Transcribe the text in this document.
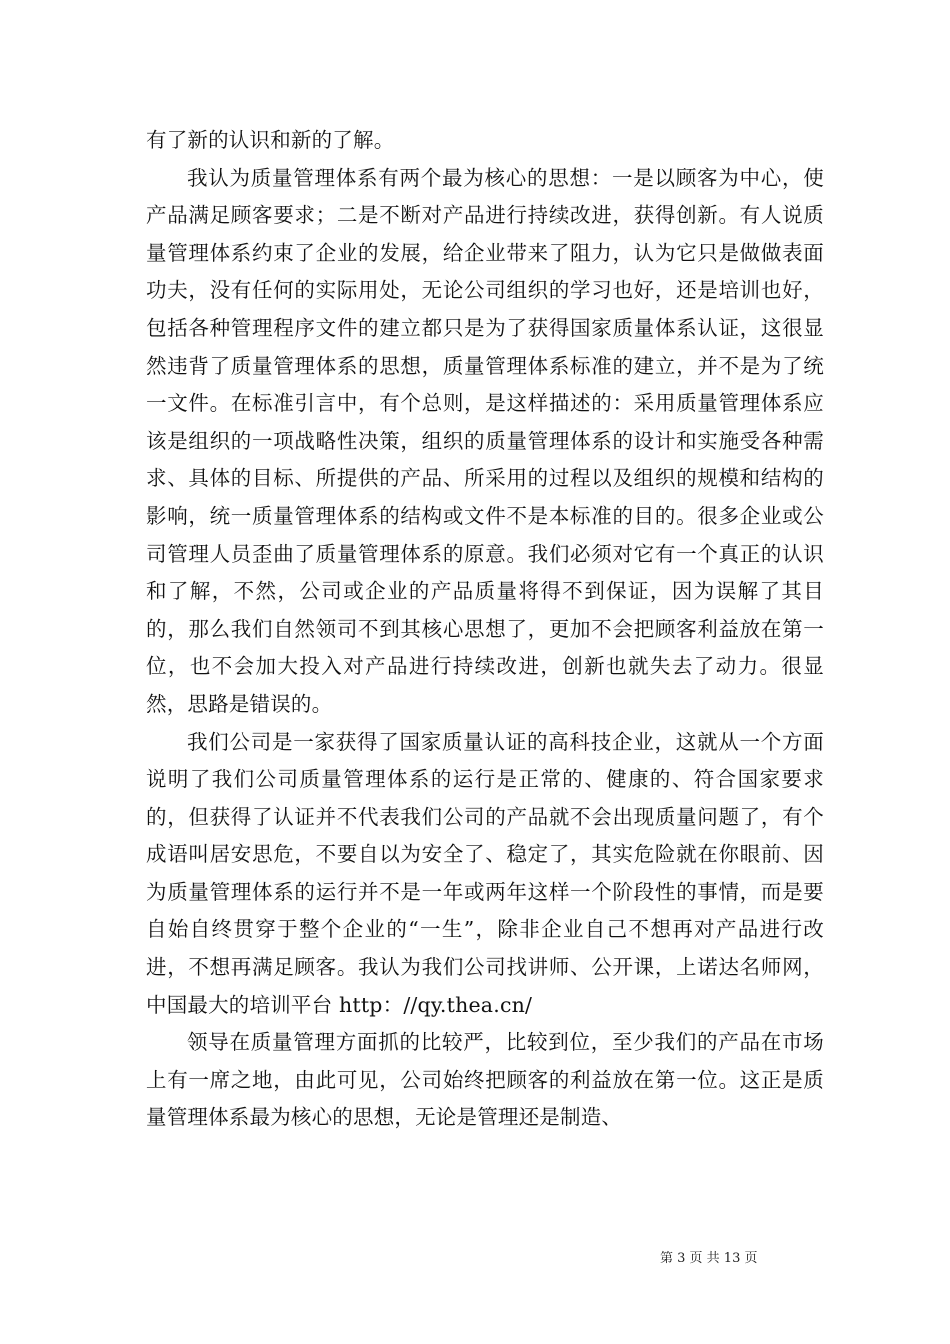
有了新的认识和新的了解。

我认为质量管理体系有两个最为核心的思想：一是以顾客为中心，使产品满足顾客要求；二是不断对产品进行持续改进，获得创新。有人说质量管理体系约束了企业的发展，给企业带来了阻力，认为它只是做做表面功夫，没有任何的实际用处，无论公司组织的学习也好，还是培训也好，包括各种管理程序文件的建立都只是为了获得国家质量体系认证，这很显然违背了质量管理体系的思想，质量管理体系标准的建立，并不是为了统一文件。在标准引言中，有个总则，是这样描述的：采用质量管理体系应该是组织的一项战略性决策，组织的质量管理体系的设计和实施受各种需求、具体的目标、所提供的产品、所采用的过程以及组织的规模和结构的影响，统一质量管理体系的结构或文件不是本标准的目的。很多企业或公司管理人员歪曲了质量管理体系的原意。我们必须对它有一个真正的认识和了解，不然，公司或企业的产品质量将得不到保证，因为误解了其目的，那么我们自然领司不到其核心思想了，更加不会把顾客利益放在第一位，也不会加大投入对产品进行持续改进，创新也就失去了动力。很显然，思路是错误的。

我们公司是一家获得了国家质量认证的高科技企业，这就从一个方面说明了我们公司质量管理体系的运行是正常的、健康的、符合国家要求的，但获得了认证并不代表我们公司的产品就不会出现质量问题了，有个成语叫居安思危，不要自以为安全了、稳定了，其实危险就在你眼前、因为质量管理体系的运行并不是一年或两年这样一个阶段性的事情，而是要自始自终贯穿于整个企业的“一生”，除非企业自己不想再对产品进行改进，不想再满足顾客。我认为我们公司找讲师、公开课，上诺达名师网，中国最大的培训平台 http：//qy.thea.cn/

领导在质量管理方面抓的比较严，比较到位，至少我们的产品在市场上有一席之地，由此可见，公司始终把顾客的利益放在第一位。这正是质量管理体系最为核心的思想，无论是管理还是制造、

第 3 页 共 13 页
